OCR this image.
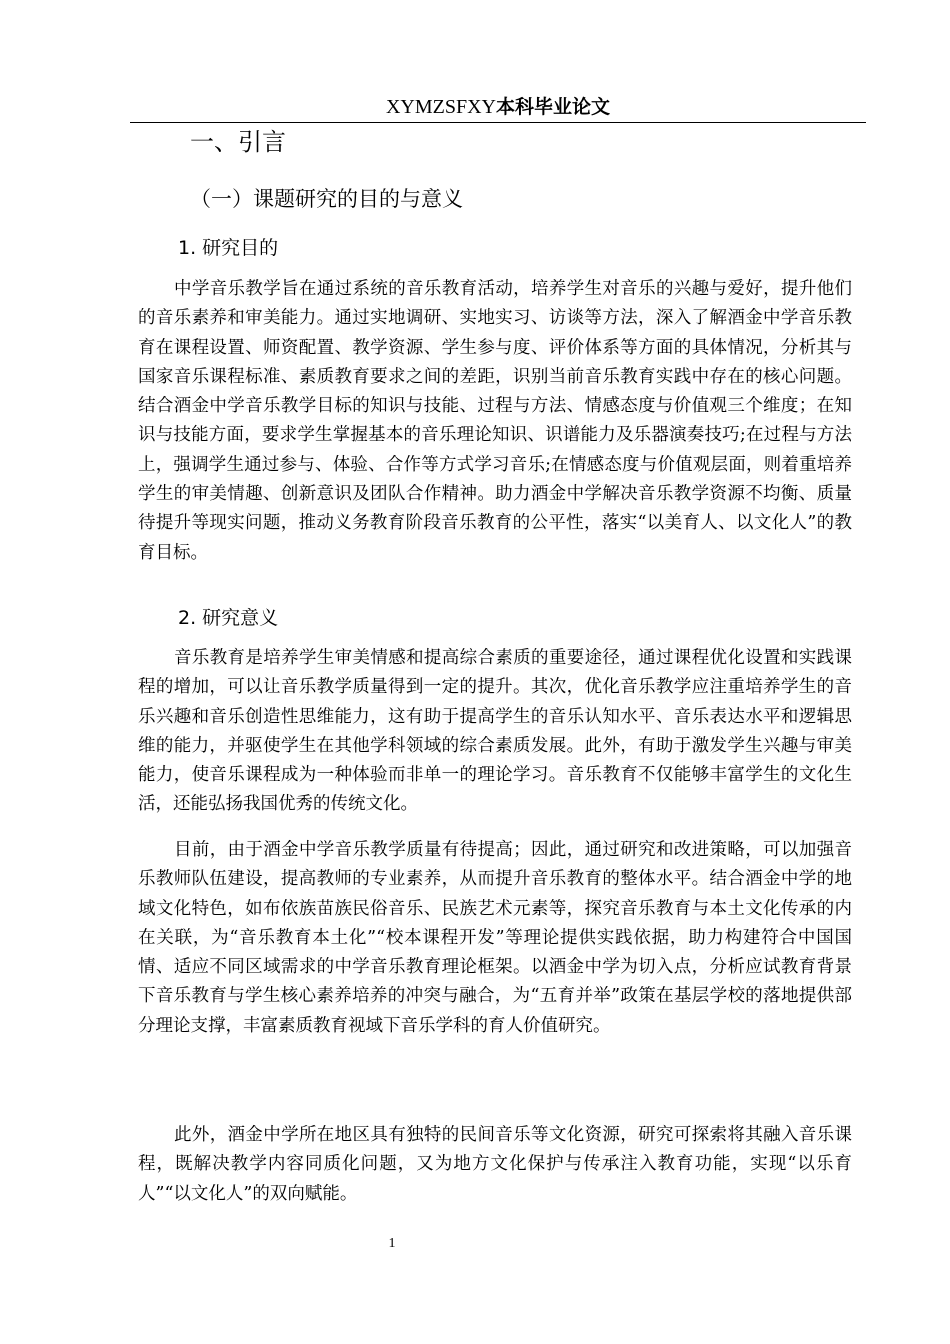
XYMZSFXY本科毕业论文
一、引言
（一）课题研究的目的与意义
1. 研究目的

中学音乐教学旨在通过系统的音乐教育活动，培养学生对音乐的兴趣与爱好，提升他们的音乐素养和审美能力。通过实地调研、实地实习、访谈等方法，深入了解酒金中学音乐教育在课程设置、师资配置、教学资源、学生参与度、评价体系等方面的具体情况，分析其与国家音乐课程标准、素质教育要求之间的差距，识别当前音乐教育实践中存在的核心问题。结合酒金中学音乐教学目标的知识与技能、过程与方法、情感态度与价值观三个维度；在知识与技能方面，要求学生掌握基本的音乐理论知识、识谱能力及乐器演奏技巧;在过程与方法上，强调学生通过参与、体验、合作等方式学习音乐;在情感态度与价值观层面，则着重培养学生的审美情趣、创新意识及团队合作精神。助力酒金中学解决音乐教学资源不均衡、质量待提升等现实问题，推动义务教育阶段音乐教育的公平性，落实“以美育人、以文化人”的教育目标。

2. 研究意义

音乐教育是培养学生审美情感和提高综合素质的重要途径，通过课程优化设置和实践课程的增加，可以让音乐教学质量得到一定的提升。其次，优化音乐教学应注重培养学生的音乐兴趣和音乐创造性思维能力，这有助于提高学生的音乐认知水平、音乐表达水平和逻辑思维的能力，并驱使学生在其他学科领域的综合素质发展。此外，有助于激发学生兴趣与审美能力，使音乐课程成为一种体验而非单一的理论学习。音乐教育不仅能够丰富学生的文化生活，还能弘扬我国优秀的传统文化。

目前，由于酒金中学音乐教学质量有待提高；因此，通过研究和改进策略，可以加强音乐教师队伍建设，提高教师的专业素养，从而提升音乐教育的整体水平。结合酒金中学的地域文化特色，如布依族苗族民俗音乐、民族艺术元素等，探究音乐教育与本土文化传承的内在关联，为“音乐教育本土化”“校本课程开发”等理论提供实践依据，助力构建符合中国国情、适应不同区域需求的中学音乐教育理论框架。以酒金中学为切入点，分析应试教育背景下音乐教育与学生核心素养培养的冲突与融合，为“五育并举”政策在基层学校的落地提供部分理论支撑，丰富素质教育视域下音乐学科的育人价值研究。

此外，酒金中学所在地区具有独特的民间音乐等文化资源，研究可探索将其融入音乐课程，既解决教学内容同质化问题，又为地方文化保护与传承注入教育功能，实现“以乐育人”“以文化人”的双向赋能。

1
